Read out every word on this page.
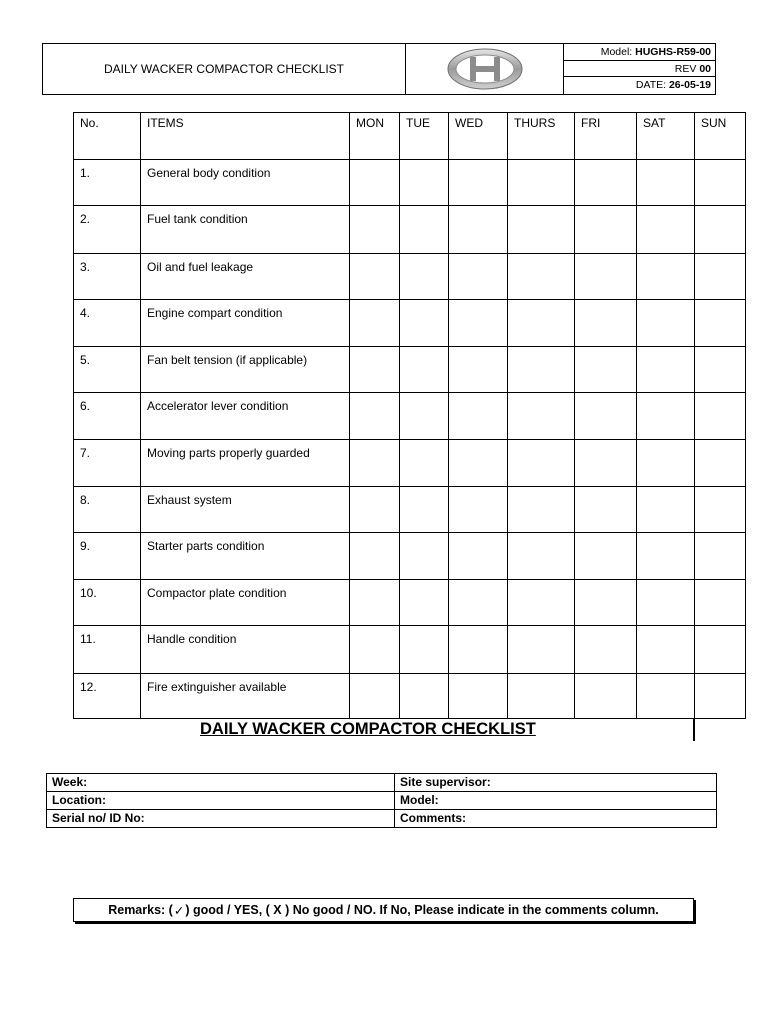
DAILY WACKER COMPACTOR CHECKLIST
Model: HUGHS-R59-00
REV 00
DATE: 26-05-19
No.	ITEMS	MON	TUE	WED	THURS	FRI	SAT	SUN
1.	General body condition							
2.	Fuel tank condition							
3.	Oil and fuel leakage							
4.	Engine compart condition							
5.	Fan belt tension (if applicable)							
6.	Accelerator lever condition							
7.	Moving parts properly guarded							
8.	Exhaust system							
9.	Starter parts condition							
10.	Compactor plate condition							
11.	Handle condition							
12.	Fire extinguisher available							
DAILY WACKER COMPACTOR CHECKLIST
Week:	Site supervisor:
Location:	Model:
Serial no/ ID No:	Comments:
Remarks: ( ✓ ) good / YES, ( X ) No good / NO. If No, Please indicate in the comments column.
